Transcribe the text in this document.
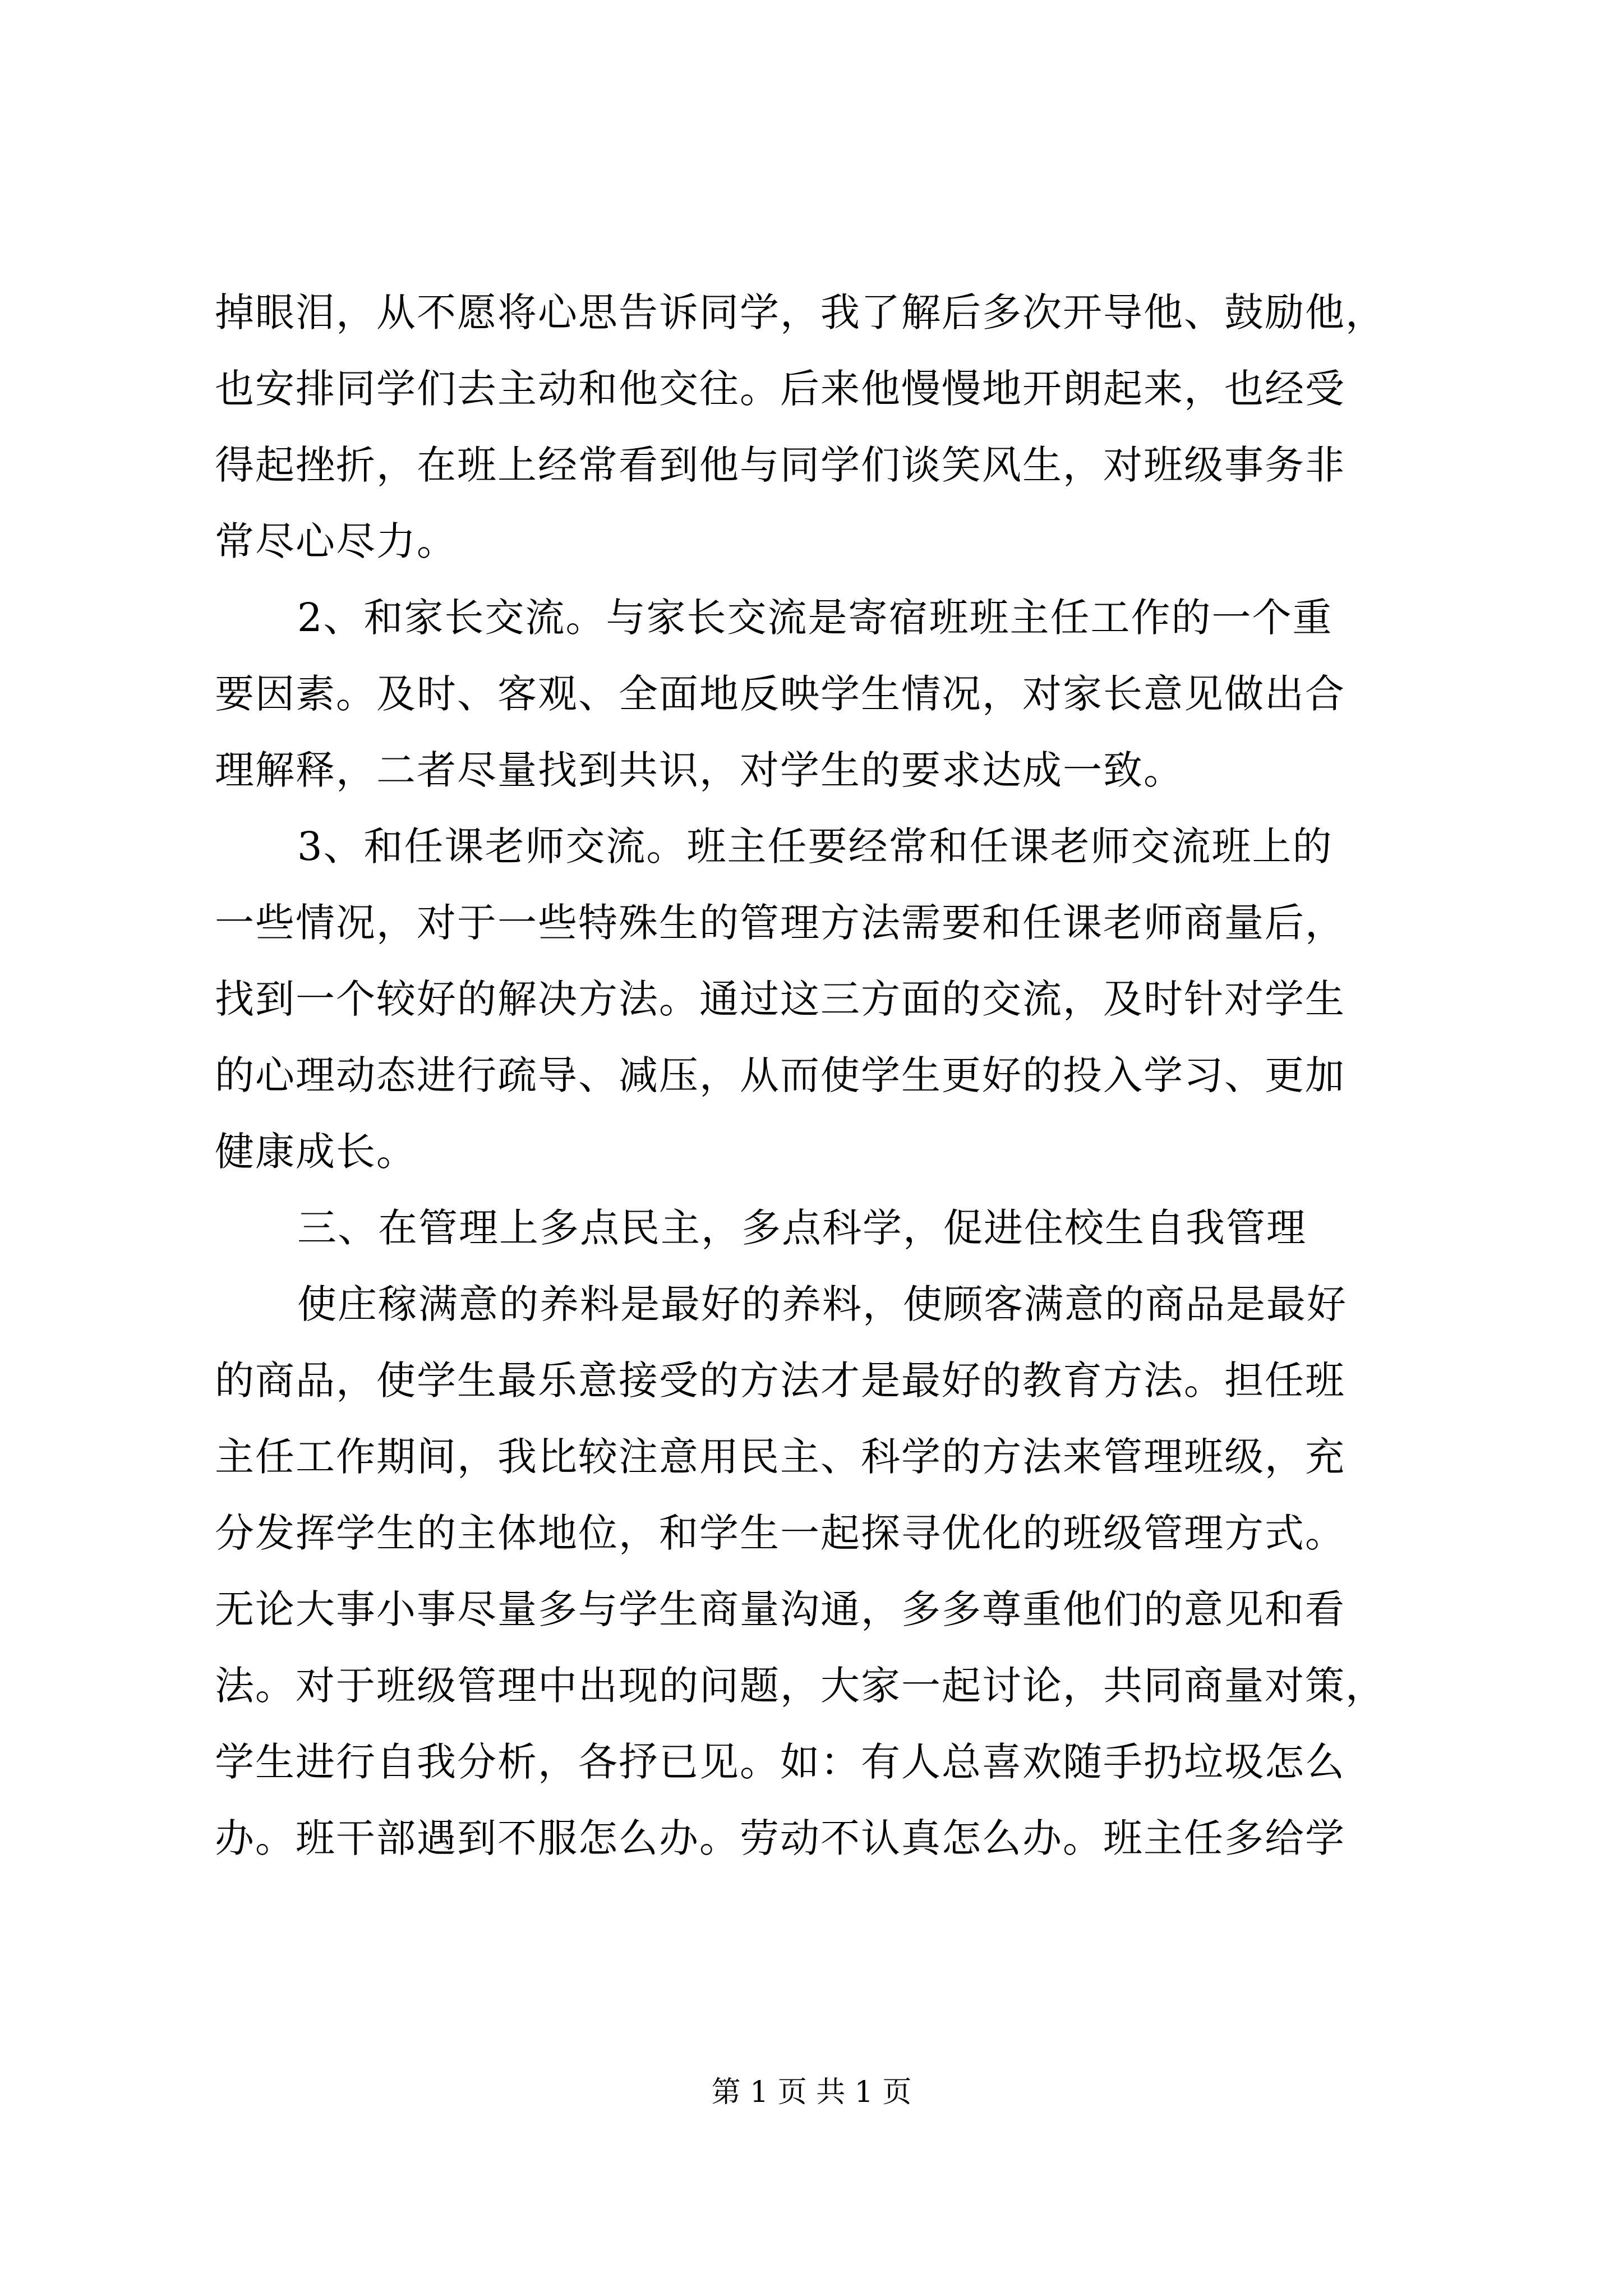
掉眼泪，从不愿将心思告诉同学，我了解后多次开导他、鼓励他，
也安排同学们去主动和他交往。后来他慢慢地开朗起来，也经受
得起挫折，在班上经常看到他与同学们谈笑风生，对班级事务非
常尽心尽力。
2、和家长交流。与家长交流是寄宿班班主任工作的一个重
要因素。及时、客观、全面地反映学生情况，对家长意见做出合
理解释，二者尽量找到共识，对学生的要求达成一致。
3、和任课老师交流。班主任要经常和任课老师交流班上的
一些情况，对于一些特殊生的管理方法需要和任课老师商量后，
找到一个较好的解决方法。通过这三方面的交流，及时针对学生
的心理动态进行疏导、减压，从而使学生更好的投入学习、更加
健康成长。
三、在管理上多点民主，多点科学，促进住校生自我管理
使庄稼满意的养料是最好的养料，使顾客满意的商品是最好
的商品，使学生最乐意接受的方法才是最好的教育方法。担任班
主任工作期间，我比较注意用民主、科学的方法来管理班级，充
分发挥学生的主体地位，和学生一起探寻优化的班级管理方式。
无论大事小事尽量多与学生商量沟通，多多尊重他们的意见和看
法。对于班级管理中出现的问题，大家一起讨论，共同商量对策，
学生进行自我分析，各抒已见。如：有人总喜欢随手扔垃圾怎么
办。班干部遇到不服怎么办。劳动不认真怎么办。班主任多给学
第 1 页 共 1 页
